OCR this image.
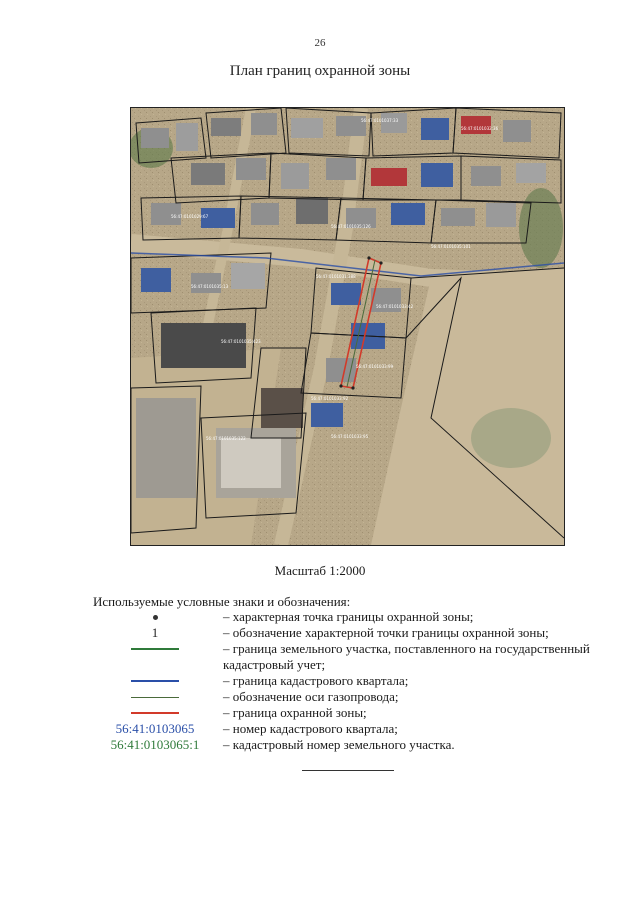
26
План границ охранной зоны
56:47:0101037:33
56:47:0101032:36
56:47:0101029:67
56:47:0101035:126
56:47:0101035:101
56:47:0101031:388
56:47:0101033:42
56:47:0101035:13
56:47:0101035:423
56:47:0101033:99
56:47:0101033:92
56:47:0101033:95
56:47:0101035:122
Масштаб 1:2000
Используемые условные знаки и обозначения:
– характерная точка границы охранной зоны;
1	– обозначение характерной точки границы охранной зоны;
– граница земельного участка, поставленного на государственный кадастровый учет;
– граница кадастрового квартала;
– обозначение оси газопровода;
– граница охранной зоны;
56:41:0103065	– номер кадастрового квартала;
56:41:0103065:1	– кадастровый номер земельного участка.
